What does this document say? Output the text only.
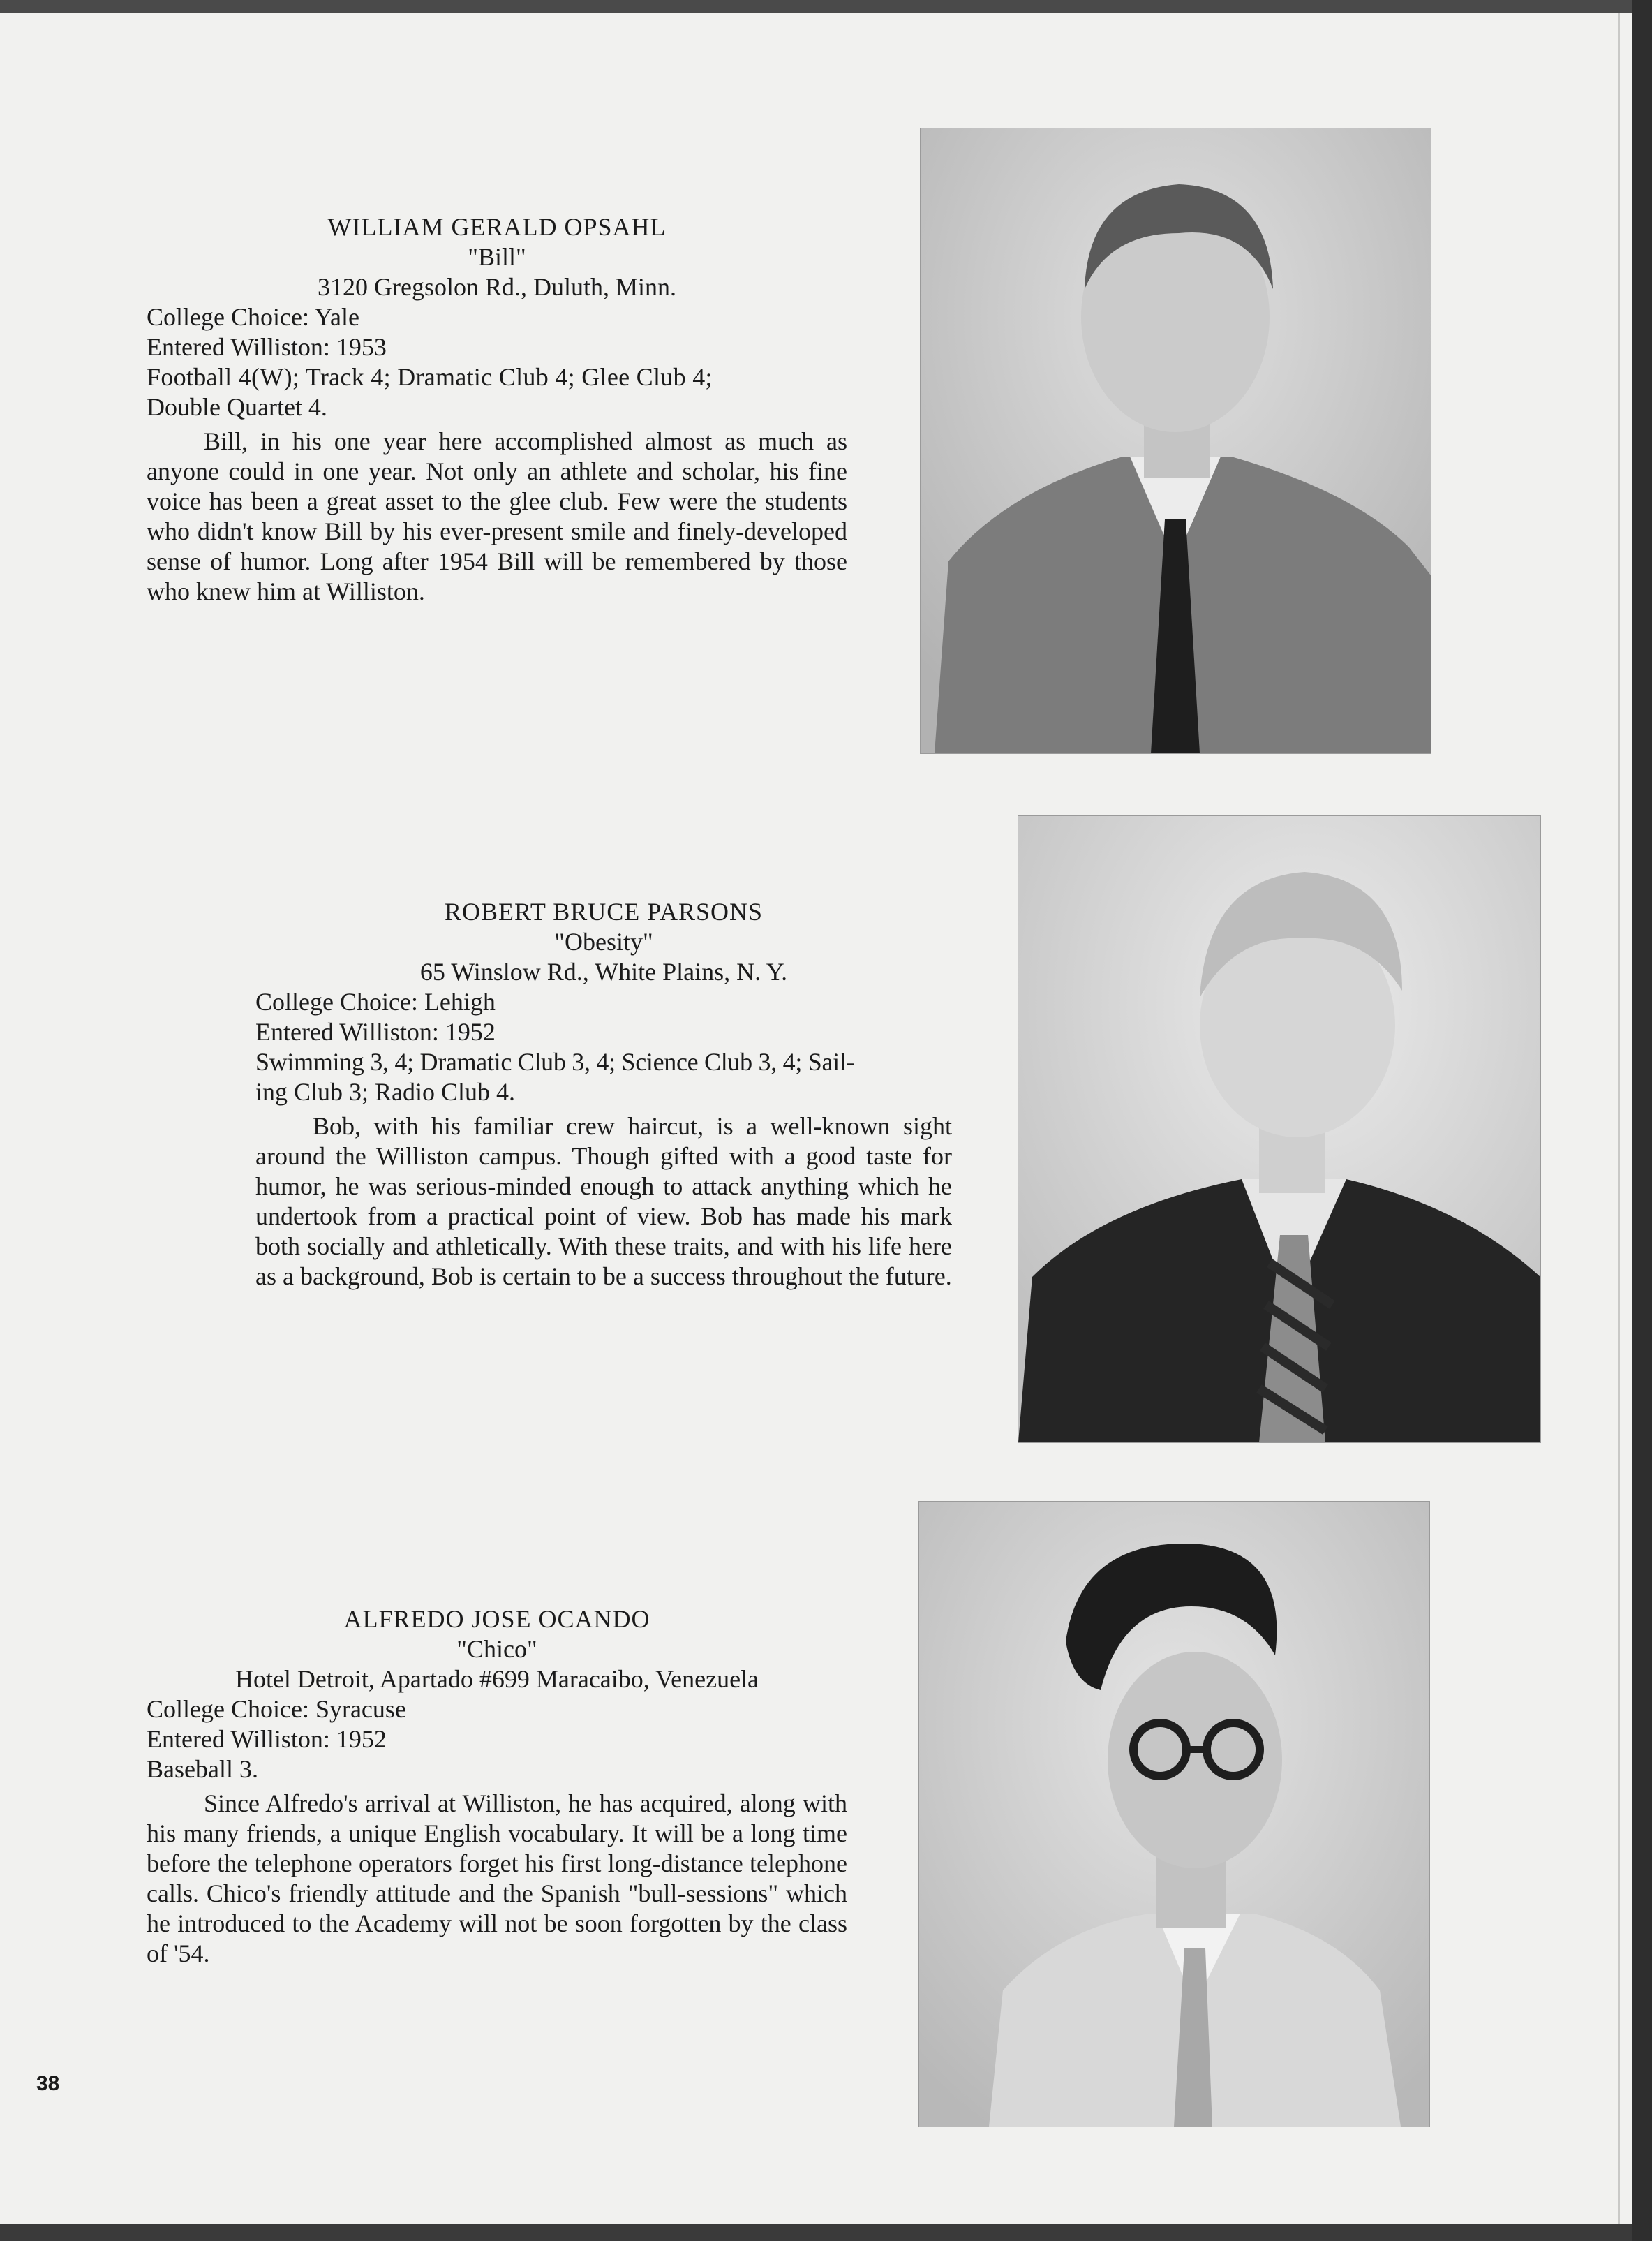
WILLIAM GERALD OPSAHL
"Bill"
3120 Gregsolon Rd., Duluth, Minn.
College Choice: Yale
Entered Williston: 1953
Football 4(W); Track 4; Dramatic Club 4; Glee Club 4;
Double Quartet 4.
Bill, in his one year here accomplished almost as much as anyone could in one year. Not only an athlete and scholar, his fine voice has been a great asset to the glee club. Few were the students who didn't know Bill by his ever-present smile and finely-developed sense of humor. Long after 1954 Bill will be remembered by those who knew him at Williston.
ROBERT BRUCE PARSONS
"Obesity"
65 Winslow Rd., White Plains, N. Y.
College Choice: Lehigh
Entered Williston: 1952
Swimming 3, 4; Dramatic Club 3, 4; Science Club 3, 4; Sail-
ing Club 3; Radio Club 4.
Bob, with his familiar crew haircut, is a well-known sight around the Williston campus. Though gifted with a good taste for humor, he was serious-minded enough to attack anything which he undertook from a practical point of view. Bob has made his mark both socially and athletically. With these traits, and with his life here as a background, Bob is certain to be a success throughout the future.
ALFREDO JOSE OCANDO
"Chico"
Hotel Detroit, Apartado #699 Maracaibo, Venezuela
College Choice: Syracuse
Entered Williston: 1952
Baseball 3.
Since Alfredo's arrival at Williston, he has acquired, along with his many friends, a unique English vocabulary. It will be a long time before the telephone operators forget his first long-distance telephone calls. Chico's friendly attitude and the Spanish "bull-sessions" which he introduced to the Academy will not be soon forgotten by the class of '54.
38
